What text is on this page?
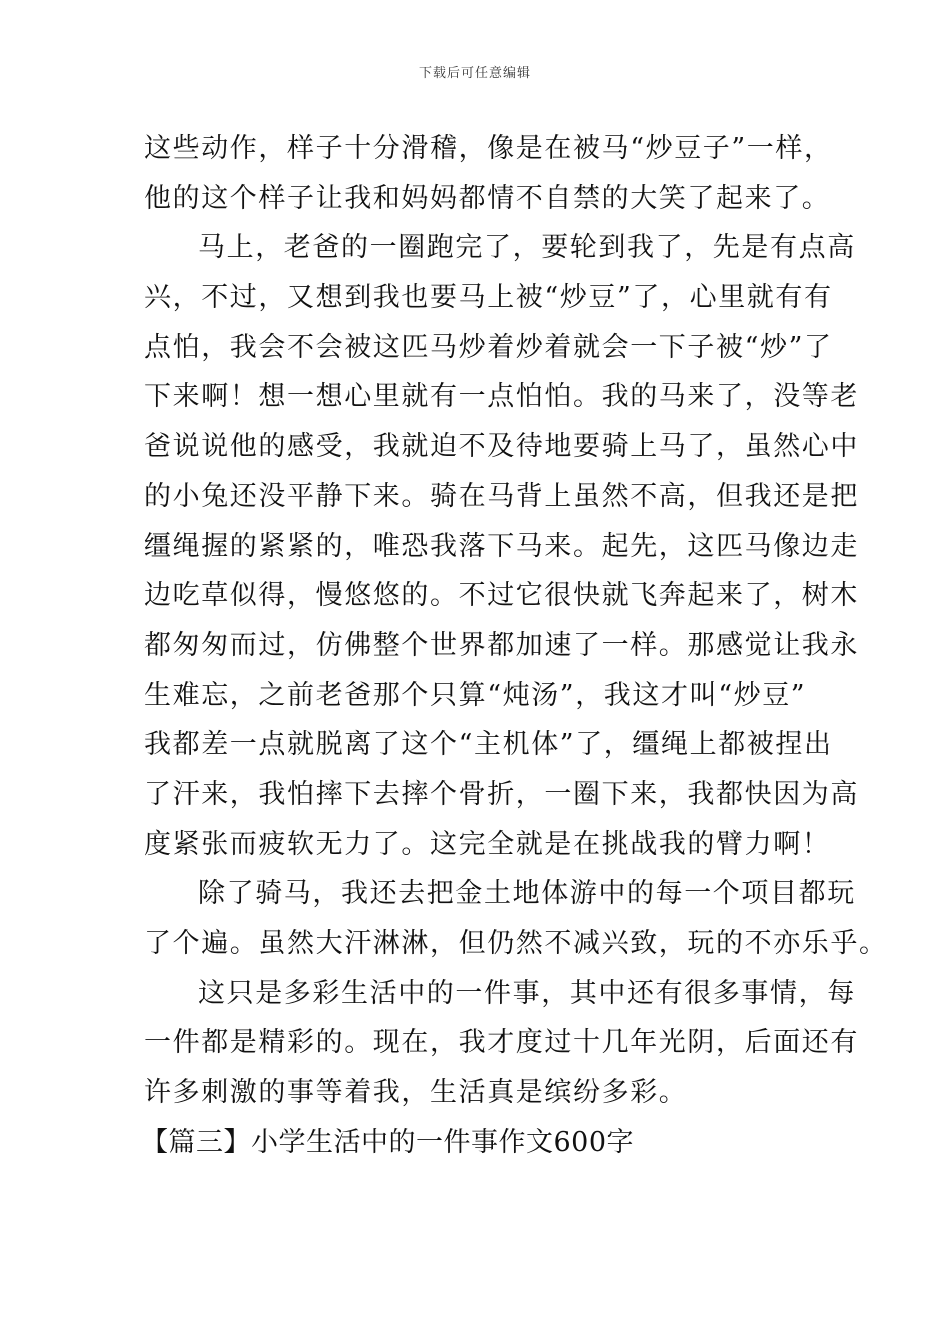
下载后可任意编辑
这些动作，样子十分滑稽，像是在被马“炒豆子”一样，
他的这个样子让我和妈妈都情不自禁的大笑了起来了。
马上，老爸的一圈跑完了，要轮到我了，先是有点高
兴，不过，又想到我也要马上被“炒豆”了，心里就有有
点怕，我会不会被这匹马炒着炒着就会一下子被“炒”了
下来啊！想一想心里就有一点怕怕。我的马来了，没等老
爸说说他的感受，我就迫不及待地要骑上马了，虽然心中
的小兔还没平静下来。骑在马背上虽然不高，但我还是把
缰绳握的紧紧的，唯恐我落下马来。起先，这匹马像边走
边吃草似得，慢悠悠的。不过它很快就飞奔起来了，树木
都匆匆而过，仿佛整个世界都加速了一样。那感觉让我永
生难忘，之前老爸那个只算“炖汤”，我这才叫“炒豆”
我都差一点就脱离了这个“主机体”了，缰绳上都被捏出
了汗来，我怕摔下去摔个骨折，一圈下来，我都快因为高
度紧张而疲软无力了。这完全就是在挑战我的臂力啊！
除了骑马，我还去把金土地体游中的每一个项目都玩
了个遍。虽然大汗淋淋，但仍然不减兴致，玩的不亦乐乎。
这只是多彩生活中的一件事，其中还有很多事情，每
一件都是精彩的。现在，我才度过十几年光阴，后面还有
许多刺激的事等着我，生活真是缤纷多彩。
【篇三】小学生活中的一件事作文600字
